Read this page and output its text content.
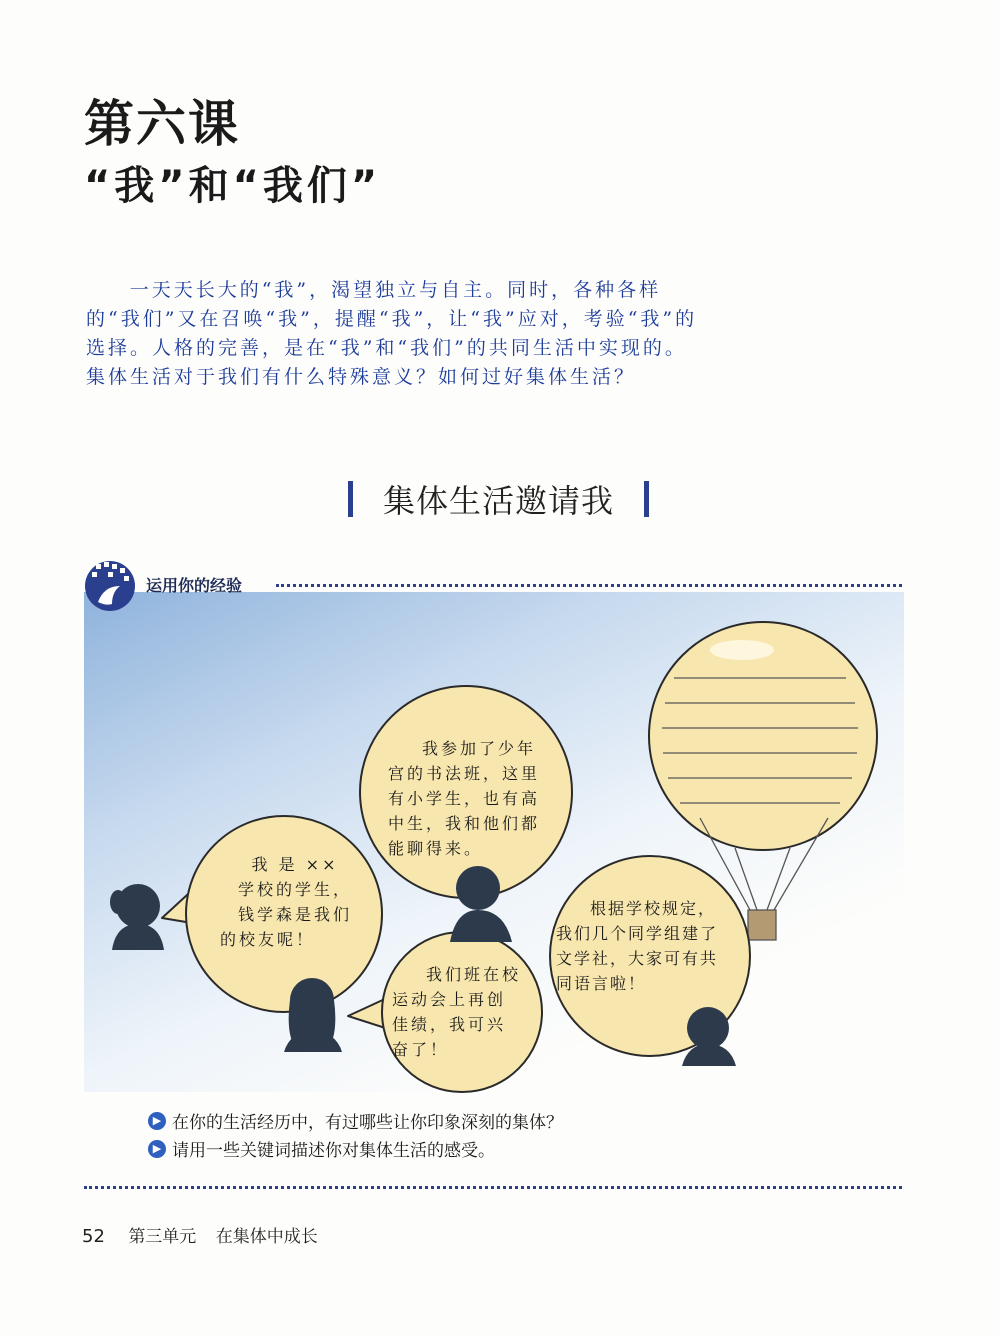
第六课
“我”和“我们”

一天天长大的“我”，渴望独立与自主。同时，各种各样的“我们”又在召唤“我”，提醒“我”，让“我”应对，考验“我”的选择。人格的完善，是在“我”和“我们”的共同生活中实现的。集体生活对于我们有什么特殊意义？如何过好集体生活？

集体生活邀请我
运用你的经验
我 是 ××
学校的学生，
钱学森是我们
的校友呢！
我参加了少年
宫的书法班，这里
有小学生，也有高
中生，我和他们都
能聊得来。
我们班在校
运动会上再创
佳绩，我可兴
奋了！
根据学校规定，
我们几个同学组建了
文学社，大家可有共
同语言啦！
▶ 在你的生活经历中，有过哪些让你印象深刻的集体？
▶ 请用一些关键词描述你对集体生活的感受。
52 第三单元 在集体中成长
